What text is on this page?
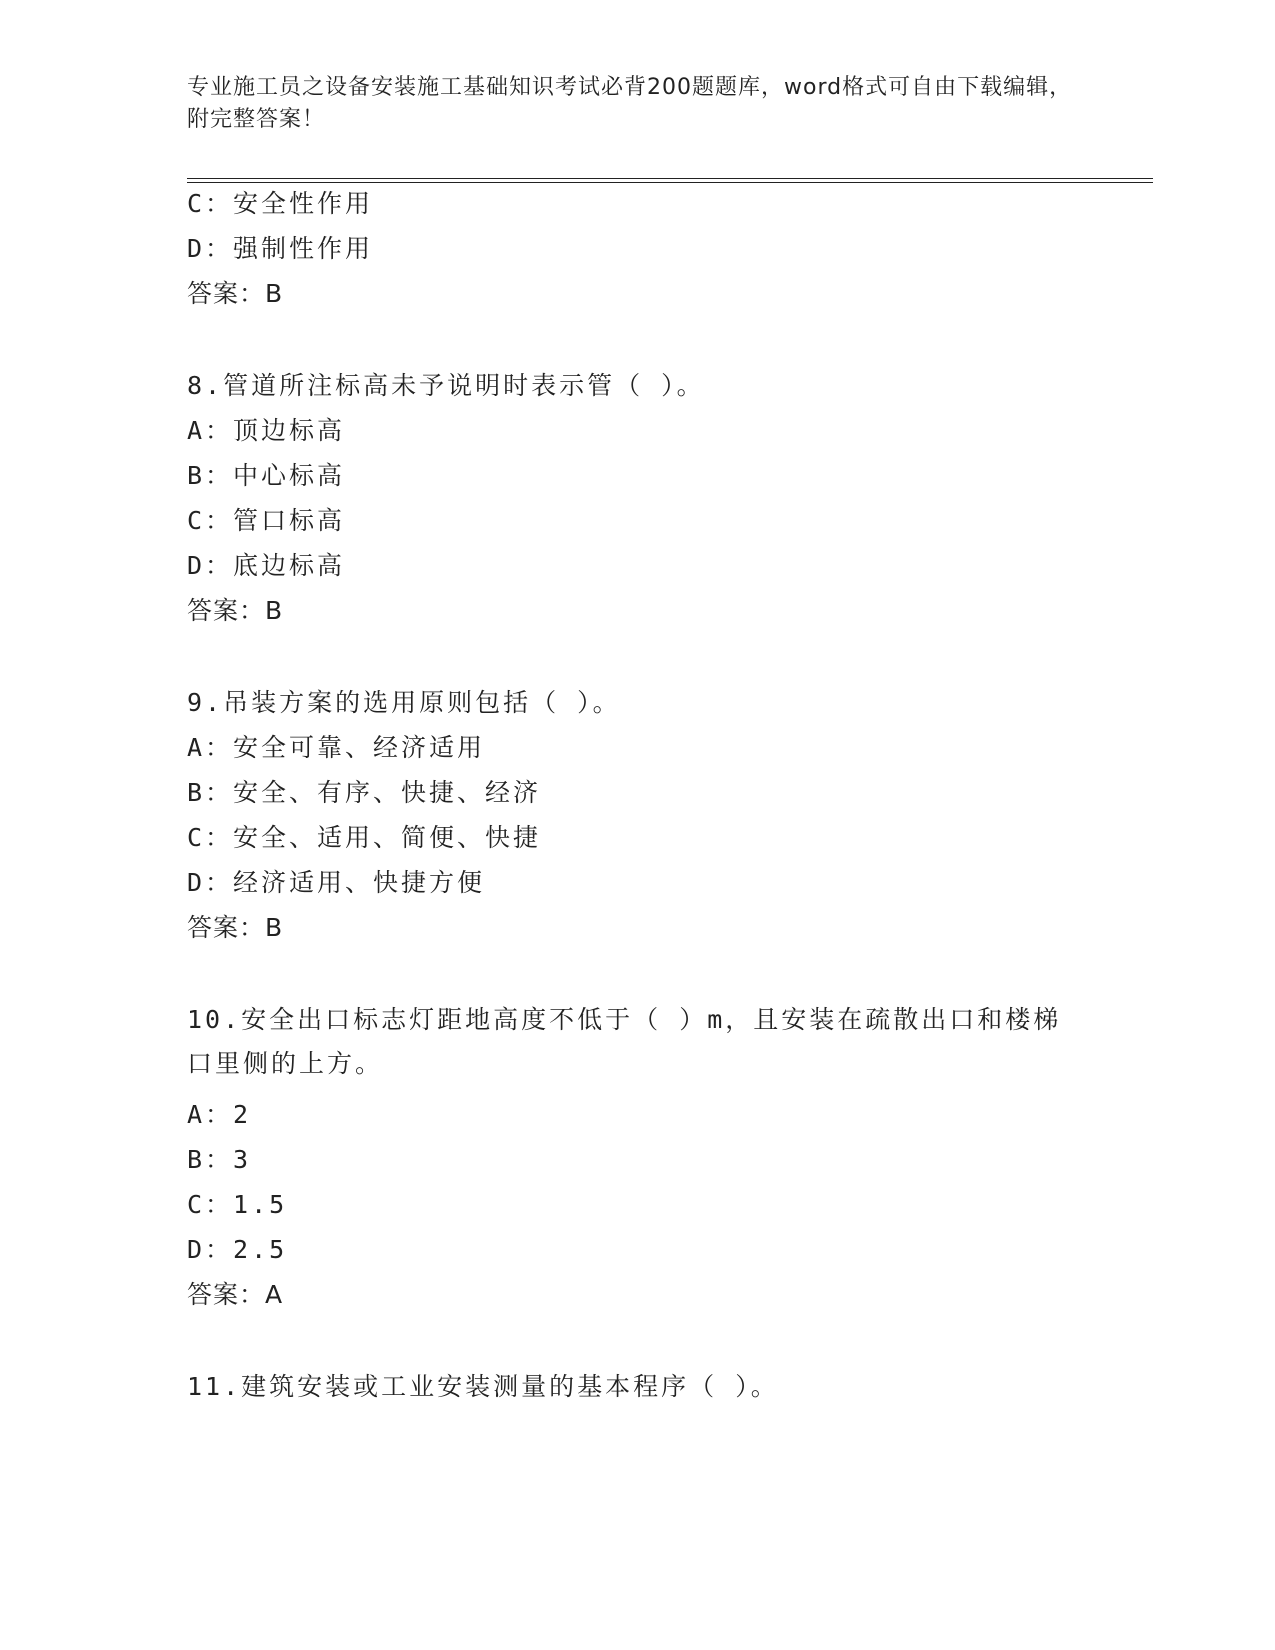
专业施工员之设备安装施工基础知识考试必背200题题库，word格式可自由下载编辑，附完整答案！
C：安全性作用
D：强制性作用
答案：B
8.管道所注标高未予说明时表示管（ ）。
A：顶边标高
B：中心标高
C：管口标高
D：底边标高
答案：B
9.吊装方案的选用原则包括（ ）。
A：安全可靠、经济适用
B：安全、有序、快捷、经济
C：安全、适用、简便、快捷
D：经济适用、快捷方便
答案：B
10.安全出口标志灯距地高度不低于（ ）m，且安装在疏散出口和楼梯口里侧的上方。
A：2
B：3
C：1.5
D：2.5
答案：A
11.建筑安装或工业安装测量的基本程序（ ）。
